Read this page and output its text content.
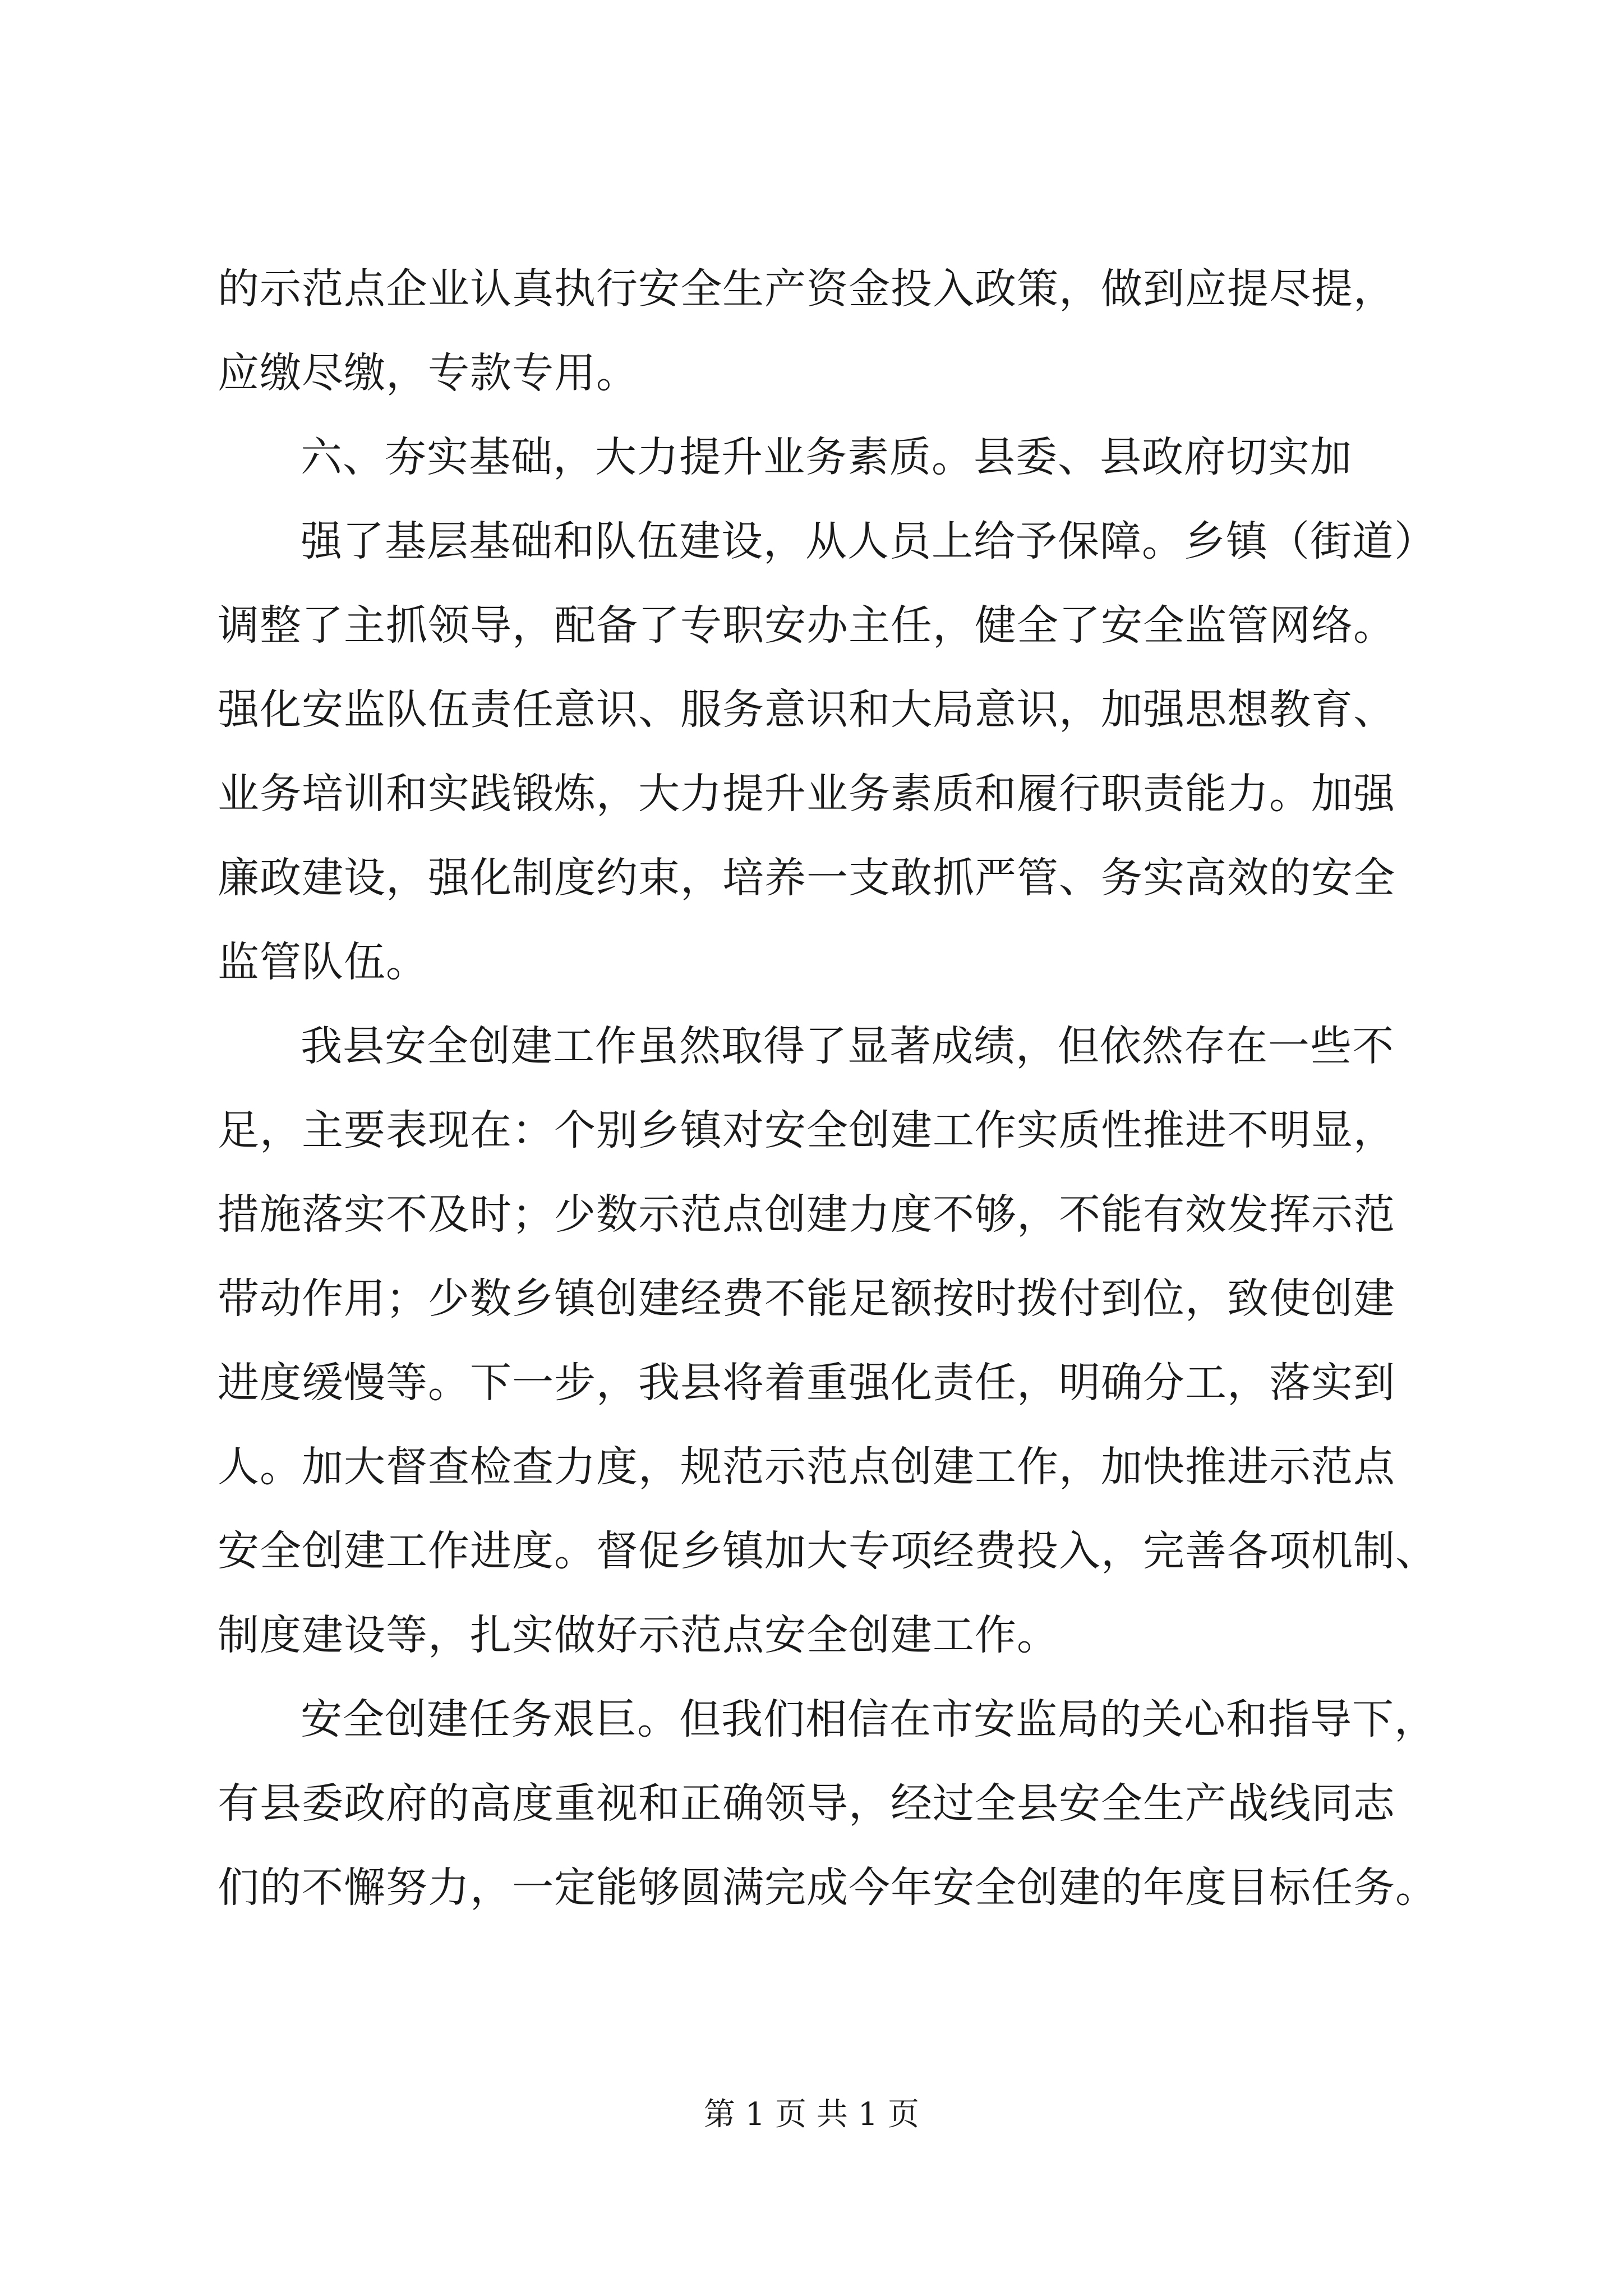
的示范点企业认真执行安全生产资金投入政策，做到应提尽提，
应缴尽缴，专款专用。
六、夯实基础，大力提升业务素质。县委、县政府切实加
强了基层基础和队伍建设，从人员上给予保障。乡镇（街道）
调整了主抓领导，配备了专职安办主任，健全了安全监管网络。
强化安监队伍责任意识、服务意识和大局意识，加强思想教育、
业务培训和实践锻炼，大力提升业务素质和履行职责能力。加强
廉政建设，强化制度约束，培养一支敢抓严管、务实高效的安全
监管队伍。
我县安全创建工作虽然取得了显著成绩，但依然存在一些不
足，主要表现在：个别乡镇对安全创建工作实质性推进不明显，
措施落实不及时；少数示范点创建力度不够，不能有效发挥示范
带动作用；少数乡镇创建经费不能足额按时拨付到位，致使创建
进度缓慢等。下一步，我县将着重强化责任，明确分工，落实到
人。加大督查检查力度，规范示范点创建工作，加快推进示范点
安全创建工作进度。督促乡镇加大专项经费投入，完善各项机制、
制度建设等，扎实做好示范点安全创建工作。
安全创建任务艰巨。但我们相信在市安监局的关心和指导下，
有县委政府的高度重视和正确领导，经过全县安全生产战线同志
们的不懈努力，一定能够圆满完成今年安全创建的年度目标任务。
第 1 页 共 1 页
